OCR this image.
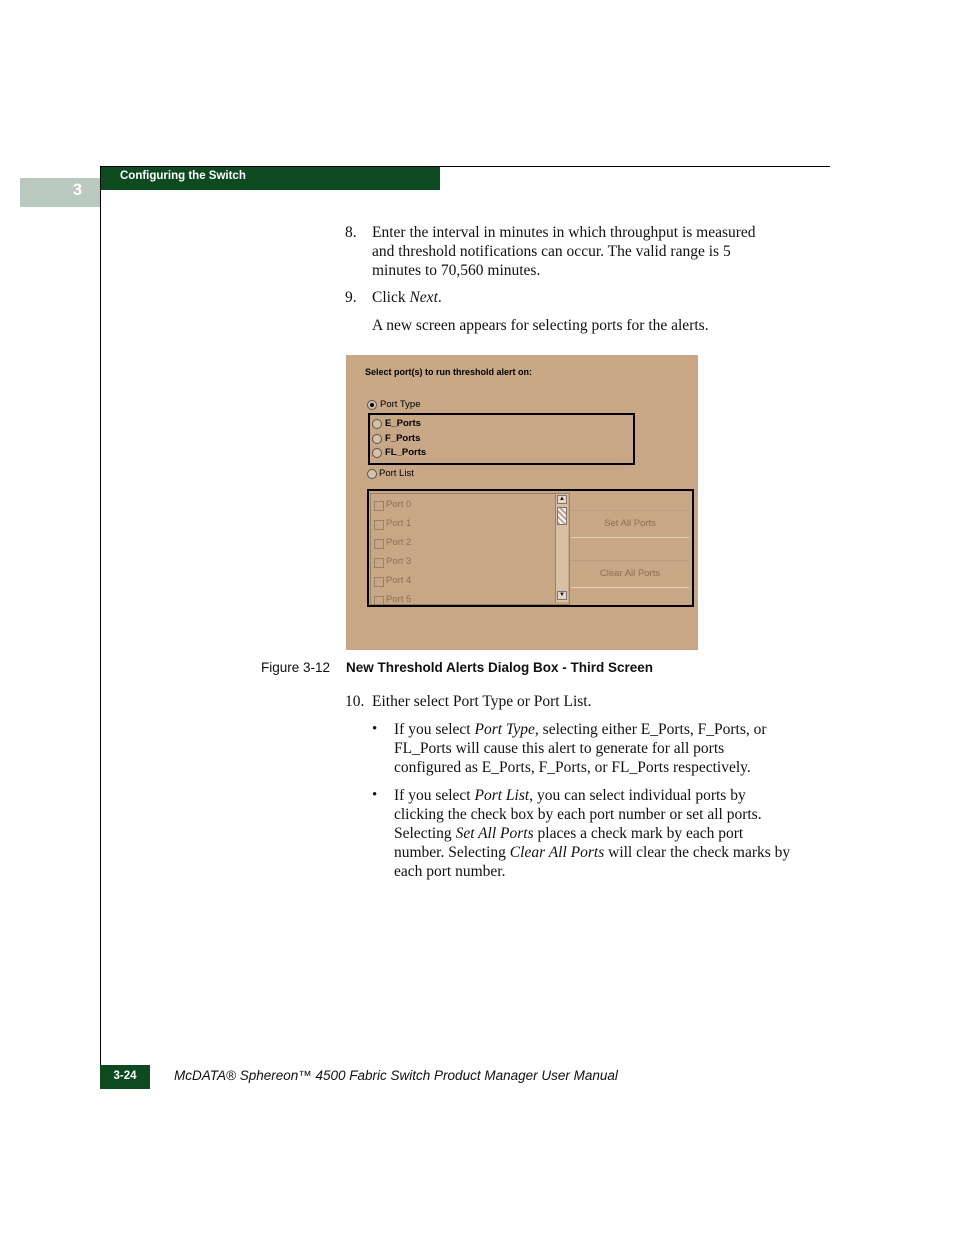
3
Configuring the Switch
8. Enter the interval in minutes in which throughput is measured
and threshold notifications can occur. The valid range is 5
minutes to 70,560 minutes.
9. Click Next.
A new screen appears for selecting ports for the alerts.
Select port(s) to run threshold alert on:
Port Type
E_Ports
F_Ports
FL_Ports
Port List
Port 0
Port 1
Port 2
Port 3
Port 4
Port 5
▲
▼
Set All Ports
Clear All Ports
Figure 3-12 New Threshold Alerts Dialog Box - Third Screen
10. Either select Port Type or Port List.
• If you select Port Type, selecting either E_Ports, F_Ports, or
FL_Ports will cause this alert to generate for all ports
configured as E_Ports, F_Ports, or FL_Ports respectively.
• If you select Port List, you can select individual ports by
clicking the check box by each port number or set all ports.
Selecting Set All Ports places a check mark by each port
number. Selecting Clear All Ports will clear the check marks by
each port number.
3-24	McDATA® Sphereon™ 4500 Fabric Switch Product Manager User Manual
